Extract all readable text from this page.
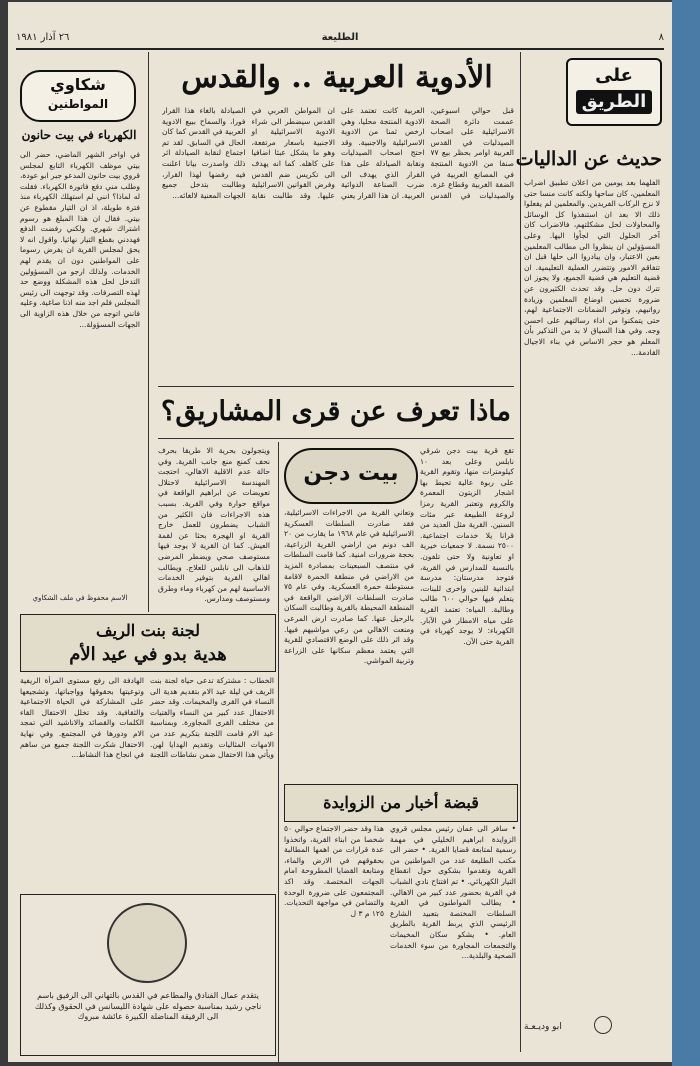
٨
الطليعة
٢٦ آذار ١٩٨١
على
الطريق
حديث عن الداليات

الفلهما بعد يومين من اعلان تطبيق اضراب المعلمين، كان ساحها ولكنه كانت منسا حتى لا نزج الركاب الفريدين. والمعلمين لم يفعلوا ذلك الا بعد ان استنفذوا كل الوسائل والمحاولات لحل مشكلتهم، فالاضراب كان آخر الحلول التي لجأوا اليها. وعلى المسؤولين ان ينظروا الى مطالب المعلمين بعين الاعتبار، وان يبادروا الى حلها قبل ان تتفاقم الامور وتتضرر العملية التعليمية. ان قضية التعليم هي قضية الجميع، ولا يجوز ان تترك دون حل. وقد تحدث الكثيرون عن ضرورة تحسين اوضاع المعلمين وزيادة رواتبهم، وتوفير الضمانات الاجتماعية لهم، حتى يتمكنوا من اداء رسالتهم على احسن وجه. وفي هذا السياق لا بد من التذكير بأن المعلم هو حجر الاساس في بناء الاجيال القادمة...

ابو وديـعـة
الأدوية العربية .. والقدس

قبل حوالي اسبوعين، عممت دائرة الصحة الاسرائيلية على اصحاب الصيدليات في القدس العربية اوامر بحظر بيع ٧٧ صنفا من الادوية المنتجة في المصانع العربية في الضفة الغربية وقطاع غزة. والصيدليات في القدس العربية كانت تعتمد على الادوية المنتجة محليا، وهي ارخص ثمنا من الادوية الاسرائيلية والاجنبية. وقد احتج اصحاب الصيدليات ونقابة الصيادلة على هذا القرار الذي يهدف الى ضرب الصناعة الدوائية العربية. ان هذا القرار يعني ان المواطن العربي في القدس سيضطر الى شراء الادوية الاسرائيلية او الاجنبية باسعار مرتفعة، وهو ما يشكل عبئا اضافيا على كاهله. كما انه يهدف الى تكريس ضم القدس وفرض القوانين الاسرائيلية عليها. وقد طالبت نقابة الصيادلة بالغاء هذا القرار فورا، والسماح ببيع الادوية العربية في القدس كما كان الحال في السابق. لقد تم اجتماع لنقابة الصيادلة اثر ذلك واصدرت بيانا اعلنت فيه رفضها لهذا القرار، وطالبت بتدخل جميع الجهات المعنية لالغائه...

شكاوي
المواطنين
الكهرباء في بيت حانون

في اواخر الشهر الماضي، حضر الى بيتي موظف الكهرباء التابع لمجلس قروي بيت حانون المدعو جبر ابو عودة، وطلب مني دفع فاتورة الكهرباء. فقلت له لماذا؟ انني لم استهلك الكهرباء منذ فترة طويلة، اذ ان التيار مقطوع عن بيتي. فقال ان هذا المبلغ هو رسوم اشتراك شهري. ولكني رفضت الدفع فهددني بقطع التيار نهائيا. واقول انه لا يحق لمجلس القرية ان يفرض رسوما على المواطنين دون ان يقدم لهم الخدمات. ولذلك ارجو من المسؤولين التدخل لحل هذه المشكلة ووضع حد لهذه التصرفات. وقد توجهت الى رئيس المجلس فلم اجد منه اذنا صاغية. وعليه فانني اتوجه من خلال هذه الزاوية الى الجهات المسؤولة...

الاسم محفوظ في ملف الشكاوي
ماذا تعرف عن قرى المشاريق؟
بيت دجن

تقع قرية بيت دجن شرقي نابلس وعلى بعد ١٠ كيلومترات منها، وتقوم القرية على ربوة عالية تحيط بها اشجار الزيتون المعمرة والكروم وتعتبر القرية رمزا لروعة الطبيعة عبر مئات السنين. القرية مثل العديد من قرانا يلا خدمات اجتماعية. ٢٥٠٠ نسمة. لا جمعيات خيرية او تعاونية ولا حتى تلفون. بالنسبة للمدارس في القرية، فتوجد مدرستان: مدرسة ابتدائية للبنين واخرى للبنات، يتعلم فيها حوالي ٦٠٠ طالب وطالبة. المياه: تعتمد القرية على مياه الامطار في الآبار. الكهرباء: لا يوجد كهرباء في القرية حتى الآن.

وتعاني القرية من الاجراءات الاسرائيلية، فقد صادرت السلطات العسكرية الاسرائيلية في عام ١٩٦٨ ما يقارب من ٢٠ الف دونم من اراضي القرية الزراعية، بحجة ضرورات امنية. كما قامت السلطات في منتصف السبعينات بمصادرة المزيد من الاراضي في منطقة الحمرة لاقامة مستوطنة حمرة العسكرية. وفي عام ٧٥ صادرت السلطات الاراضي الواقعة في المنطقة المحيطة بالقرية وطالبت السكان بالرحيل عنها. كما صادرت ارض المرعى ومنعت الاهالي من رعي مواشيهم فيها. وقد اثر ذلك على الوضع الاقتصادي للقرية التي يعتمد معظم سكانها على الزراعة وتربية المواشي.

ويتجولون بحرية الا طريقا بحرف نحف كمنع منع جانب القرية. وفي حالة عدم الاقلية الاهالي، احتجت المهندسة الاسرائيلية لاحتلال تعويضات عن ابراهيم الواقعة في مواقع حوارة وفي القرية. بسبب هذه الاجراءات فان الكثير من الشباب يضطرون للعمل خارج القرية او الهجرة بحثا عن لقمة العيش. كما ان القرية لا يوجد فيها مستوصف صحي ويضطر المرضى للذهاب الى نابلس للعلاج. ويطالب اهالي القرية بتوفير الخدمات الاساسية لهم من كهرباء وماء وطرق ومستوصف ومدارس.

لجنة بنت الريف
هدية بدو في عيد الأم

الخطاب : مشتركة تدعى حياة لجنة بنت الريف في ليلة عيد الام بتقديم هدية الى النساء في القرى والمخيمات. وقد حضر الاحتفال عدد كبير من النساء والفتيات من مختلف القرى المجاورة. وبمناسبة عيد الام قامت اللجنة بتكريم عدد من الامهات المثاليات وتقديم الهدايا لهن. ويأتي هذا الاحتفال ضمن نشاطات اللجنة الهادفة الى رفع مستوى المرأة الريفية وتوعيتها بحقوقها وواجباتها، وتشجيعها على المشاركة في الحياة الاجتماعية والثقافية. وقد تخلل الاحتفال القاء الكلمات والقصائد والاناشيد التي تمجد الام ودورها في المجتمع. وفي نهاية الاحتفال شكرت اللجنة جميع من ساهم في انجاح هذا النشاط...

يتقدم عمال الفنادق والمطاعم في القدس بالتهاني الى الرفيق باسم ناجي رشيد بمناسبة حصوله على شهادة الليسانس في الحقوق وكذلك الى الرفيقة المناضلة الكبيرة عائشة مبروك
قبضة أخبار من الزوايدة

• سافر الى عمان رئيس مجلس قروي الزوايدة ابراهيم الخليلي في مهمة رسمية لمتابعة قضايا القرية. • حضر الى مكتب الطليعة عدد من المواطنين من القرية وتقدموا بشكوى حول انقطاع التيار الكهربائي. • تم افتتاح نادي الشباب في القرية بحضور عدد كبير من الاهالي. • يطالب المواطنون في القرية السلطات المختصة بتعبيد الشارع الرئيسي الذي يربط القرية بالطريق العام. • يشكو سكان المخيمات والتجمعات المجاورة من سوء الخدمات الصحية والبلدية...

هذا وقد حضر الاجتماع حوالي ٥٠ شخصا من ابناء القرية، واتخذوا عدة قرارات من اهمها المطالبة بحقوقهم في الارض والماء، ومتابعة القضايا المطروحة امام الجهات المختصة. وقد اكد المجتمعون على ضرورة الوحدة والتضامن في مواجهة التحديات. ١٢٥ م ٣ ل
